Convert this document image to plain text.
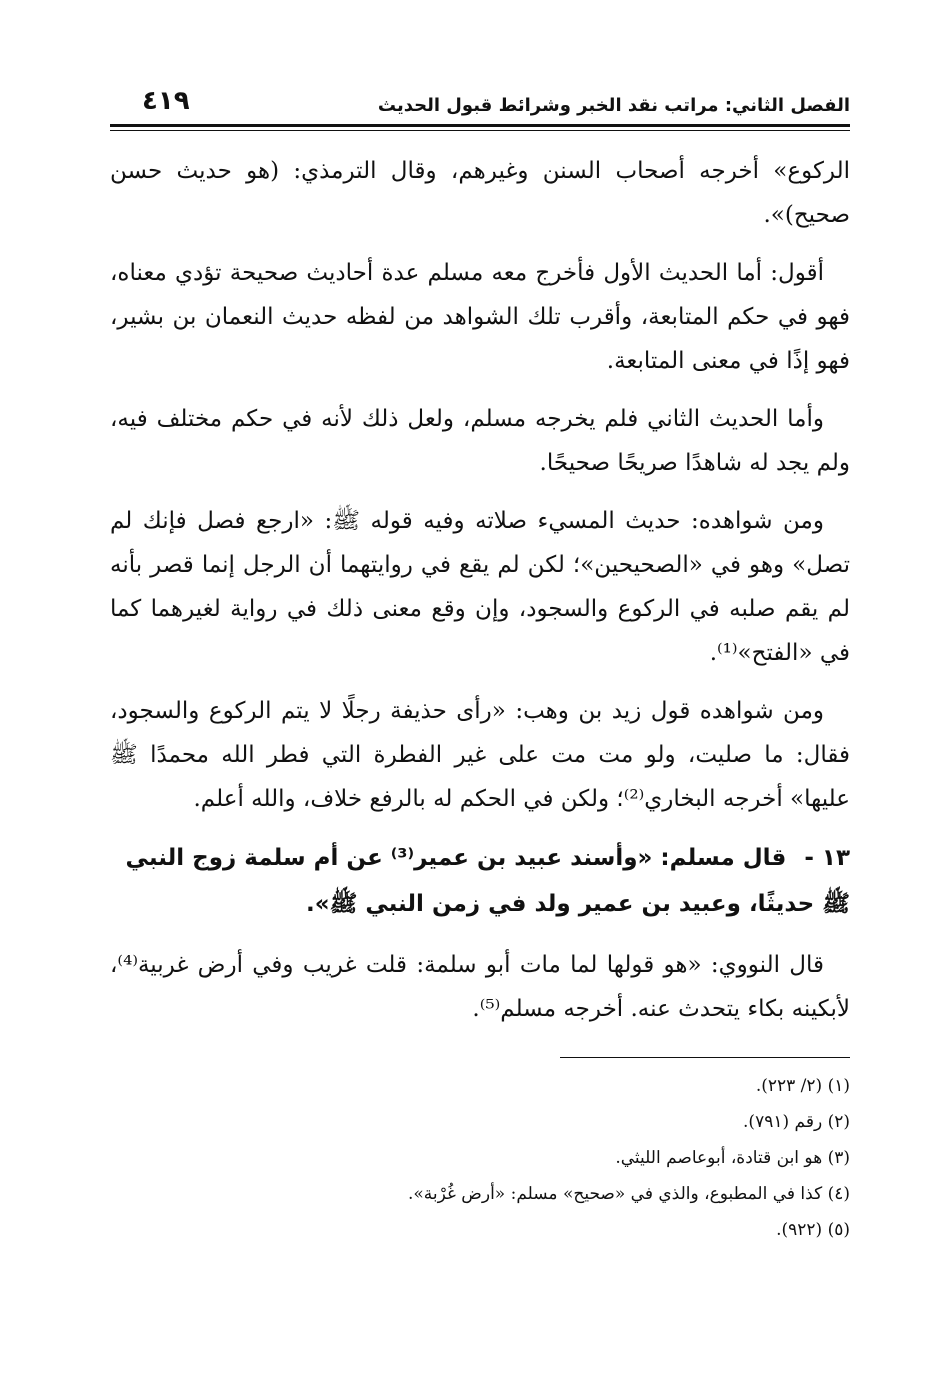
الفصل الثاني: مراتب نقد الخبر وشرائط قبول الحديث
٤١٩

الركوع» أخرجه أصحاب السنن وغيرهم، وقال الترمذي: (هو حديث حسن صحيح)».

أقول: أما الحديث الأول فأخرج معه مسلم عدة أحاديث صحيحة تؤدي معناه، فهو في حكم المتابعة، وأقرب تلك الشواهد من لفظه حديث النعمان بن بشير، فهو إذًا في معنى المتابعة.

وأما الحديث الثاني فلم يخرجه مسلم، ولعل ذلك لأنه في حكم مختلف فيه، ولم يجد له شاهدًا صريحًا صحيحًا.

ومن شواهده: حديث المسيء صلاته وفيه قوله ﷺ: «ارجع فصل فإنك لم تصل» وهو في «الصحيحين»؛ لكن لم يقع في روايتهما أن الرجل إنما قصر بأنه لم يقم صلبه في الركوع والسجود، وإن وقع معنى ذلك في رواية لغيرهما كما في «الفتح»⁽¹⁾.

ومن شواهده قول زيد بن وهب: «رأى حذيفة رجلًا لا يتم الركوع والسجود، فقال: ما صليت، ولو مت مت على غير الفطرة التي فطر الله محمدًا ﷺ عليها» أخرجه البخاري⁽²⁾؛ ولكن في الحكم له بالرفع خلاف، والله أعلم.

١٣ -قال مسلم: «وأسند عبيد بن عمير⁽³⁾ عن أم سلمة زوج النبي ﷺ حديثًا، وعبيد بن عمير ولد في زمن النبي ﷺ».

قال النووي: «هو قولها لما مات أبو سلمة: قلت غريب وفي أرض غربية⁽⁴⁾، لأبكينه بكاء يتحدث عنه. أخرجه مسلم⁽⁵⁾.

(١) (٢/ ٢٢٣).
(٢) رقم (٧٩١).
(٣) هو ابن قتادة، أبوعاصم الليثي.
(٤) كذا في المطبوع، والذي في «صحيح» مسلم: «أرض غُرْبة».
(٥) (٩٢٢).
